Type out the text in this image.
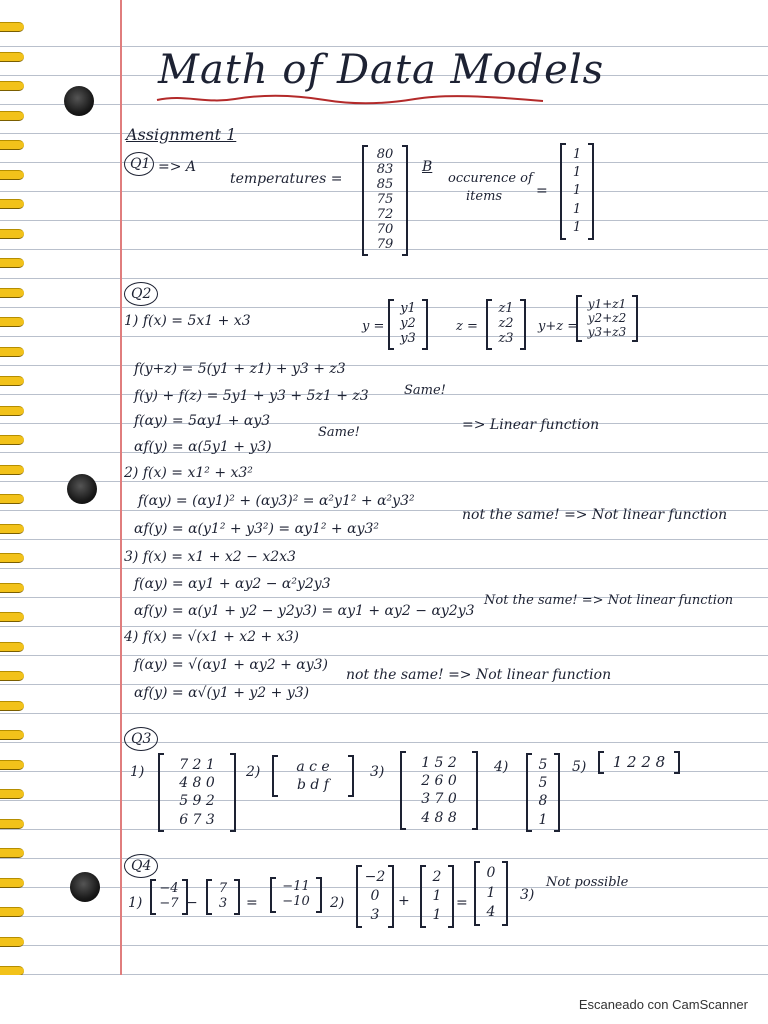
Math of Data Models
Assignment 1
Q1 => A
temperatures =
80
83
85
75
72
70
79
B
occurence of
items =
1
1
1
1
1
Q2
1) f(x) = 5x1 + x3	y =
y1
y2
y3
z =
z1
z2
z3
y+z =
y1+z1
y2+z2
y3+z3
f(y+z) = 5(y1 + z1) + y3 + z3
f(y) + f(z) = 5y1 + y3 + 5z1 + z3	Same!
f(αy) = 5αy1 + αy3
αf(y) = α(5y1 + y3)
Same!	=> Linear function
2) f(x) = x1² + x3²
f(αy) = (αy1)² + (αy3)² = α²y1² + α²y3²
αf(y) = α(y1² + y3²) = αy1² + αy3²
not the same! => Not linear function
3) f(x) = x1 + x2 − x2x3
f(αy) = αy1 + αy2 − α²y2y3
αf(y) = α(y1 + y2 − y2y3) = αy1 + αy2 − αy2y3
Not the same! => Not linear function
4) f(x) = √(x1 + x2 + x3)
f(αy) = √(αy1 + αy2 + αy3)
αf(y) = α√(y1 + y2 + y3)
not the same! => Not linear function
Q3
1)	7 2 1
4 8 0
5 9 2
6 7 3
2)	a c e
b d f
3)
1 5 2
2 6 0
3 7 0
4 8 8
4)	5
5
8
1
5)	1 2 2 8
Q4
1)
−4
−7 −
7
3	=
−11
−10	2)
−2
0
3
+
2
1
1
=
0
1
4
3)
Not possible
Escaneado con CamScanner
